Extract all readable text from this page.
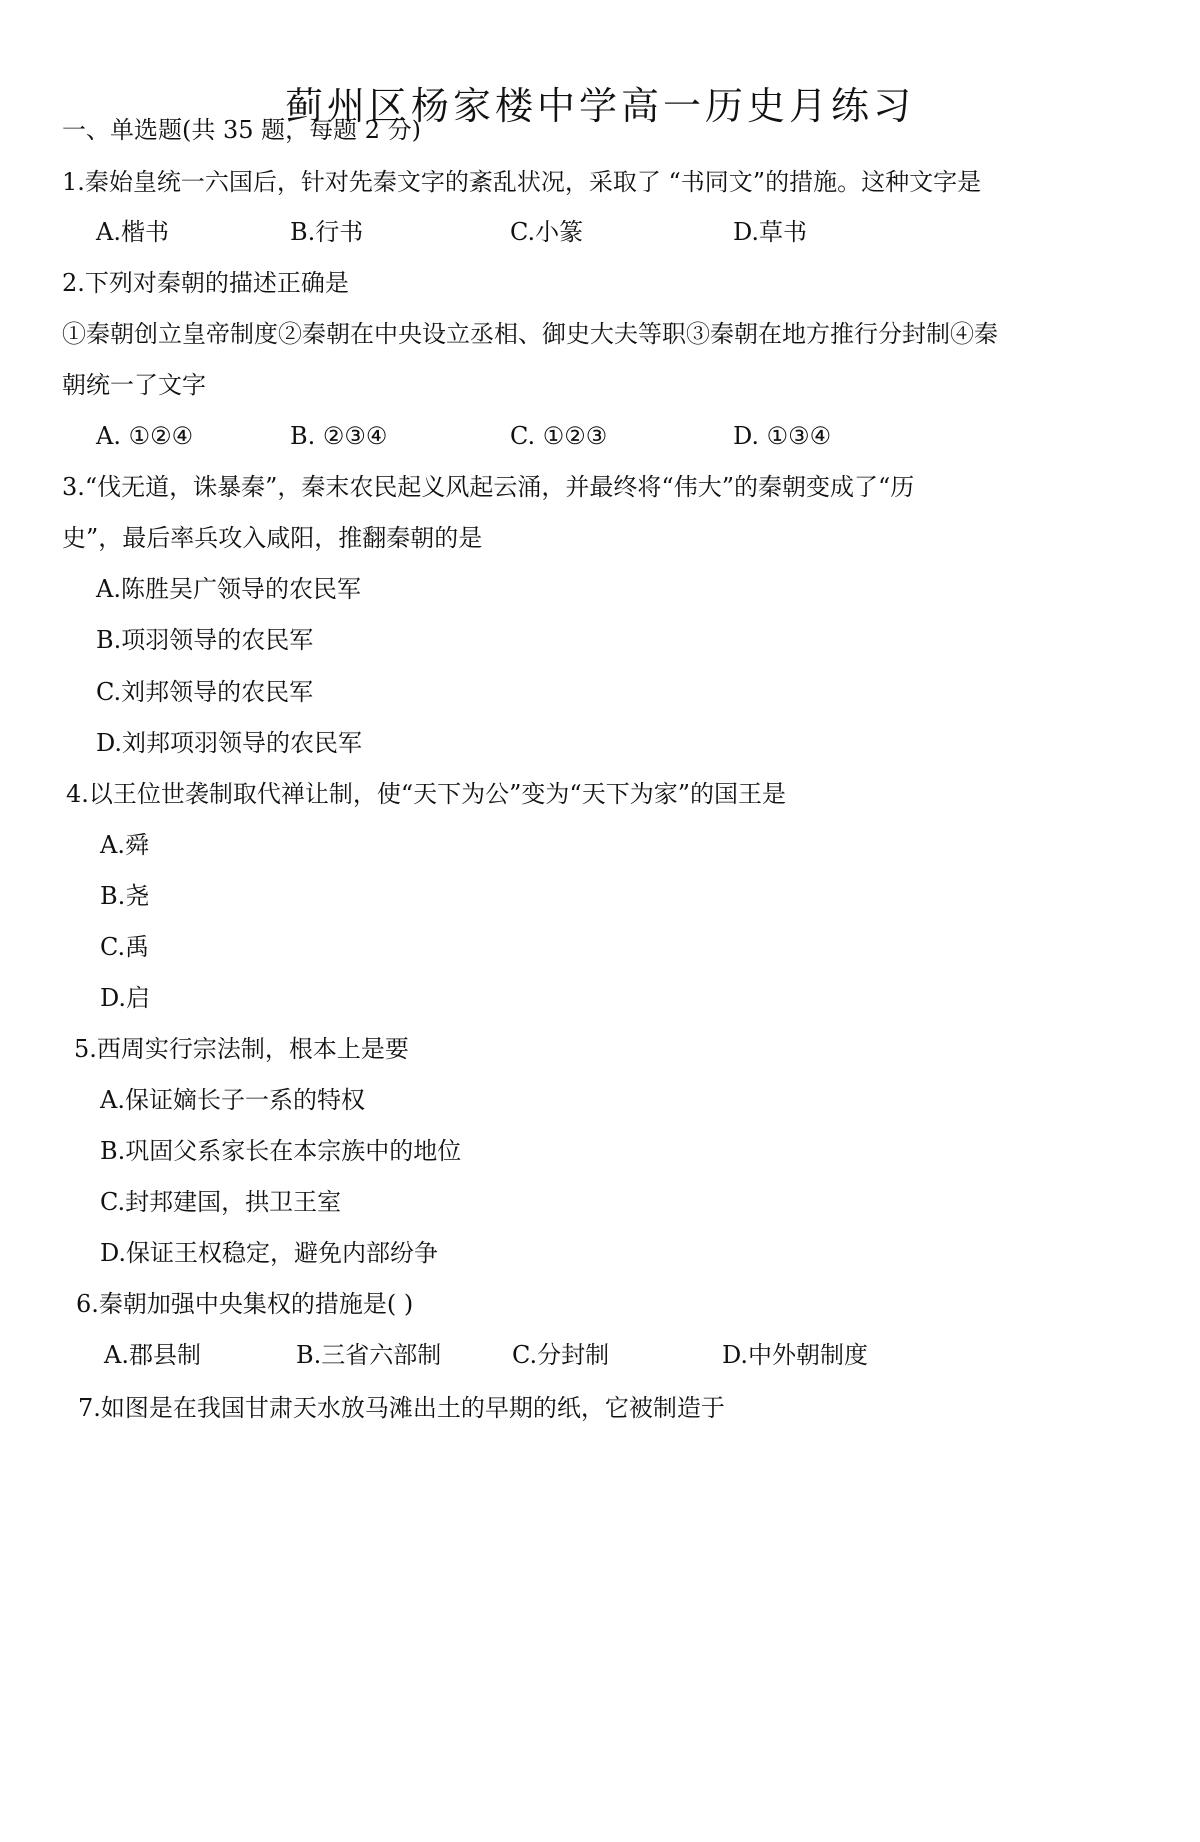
蓟州区杨家楼中学高一历史月练习
一、单选题(共 35 题，每题 2 分)
1.秦始皇统一六国后，针对先秦文字的紊乱状况，采取了 “书同文”的措施。这种文字是
A.楷书	B.行书	C.小篆	D.草书
2.下列对秦朝的描述正确是
①秦朝创立皇帝制度②秦朝在中央设立丞相、御史大夫等职③秦朝在地方推行分封制④秦
朝统一了文字
A. ①②④	B. ②③④	C. ①②③	D. ①③④
3.“伐无道，诛暴秦”，秦末农民起义风起云涌，并最终将“伟大”的秦朝变成了“历
史”，最后率兵攻入咸阳，推翻秦朝的是
A.陈胜吴广领导的农民军
B.项羽领导的农民军
C.刘邦领导的农民军
D.刘邦项羽领导的农民军
4.以王位世袭制取代禅让制，使“天下为公”变为“天下为家”的国王是
A.舜
B.尧
C.禹
D.启
5.西周实行宗法制，根本上是要
A.保证嫡长子一系的特权
B.巩固父系家长在本宗族中的地位
C.封邦建国，拱卫王室
D.保证王权稳定，避免内部纷争
6.秦朝加强中央集权的措施是( )
A.郡县制	B.三省六部制	C.分封制	D.中外朝制度
7.如图是在我国甘肃天水放马滩出土的早期的纸，它被制造于
